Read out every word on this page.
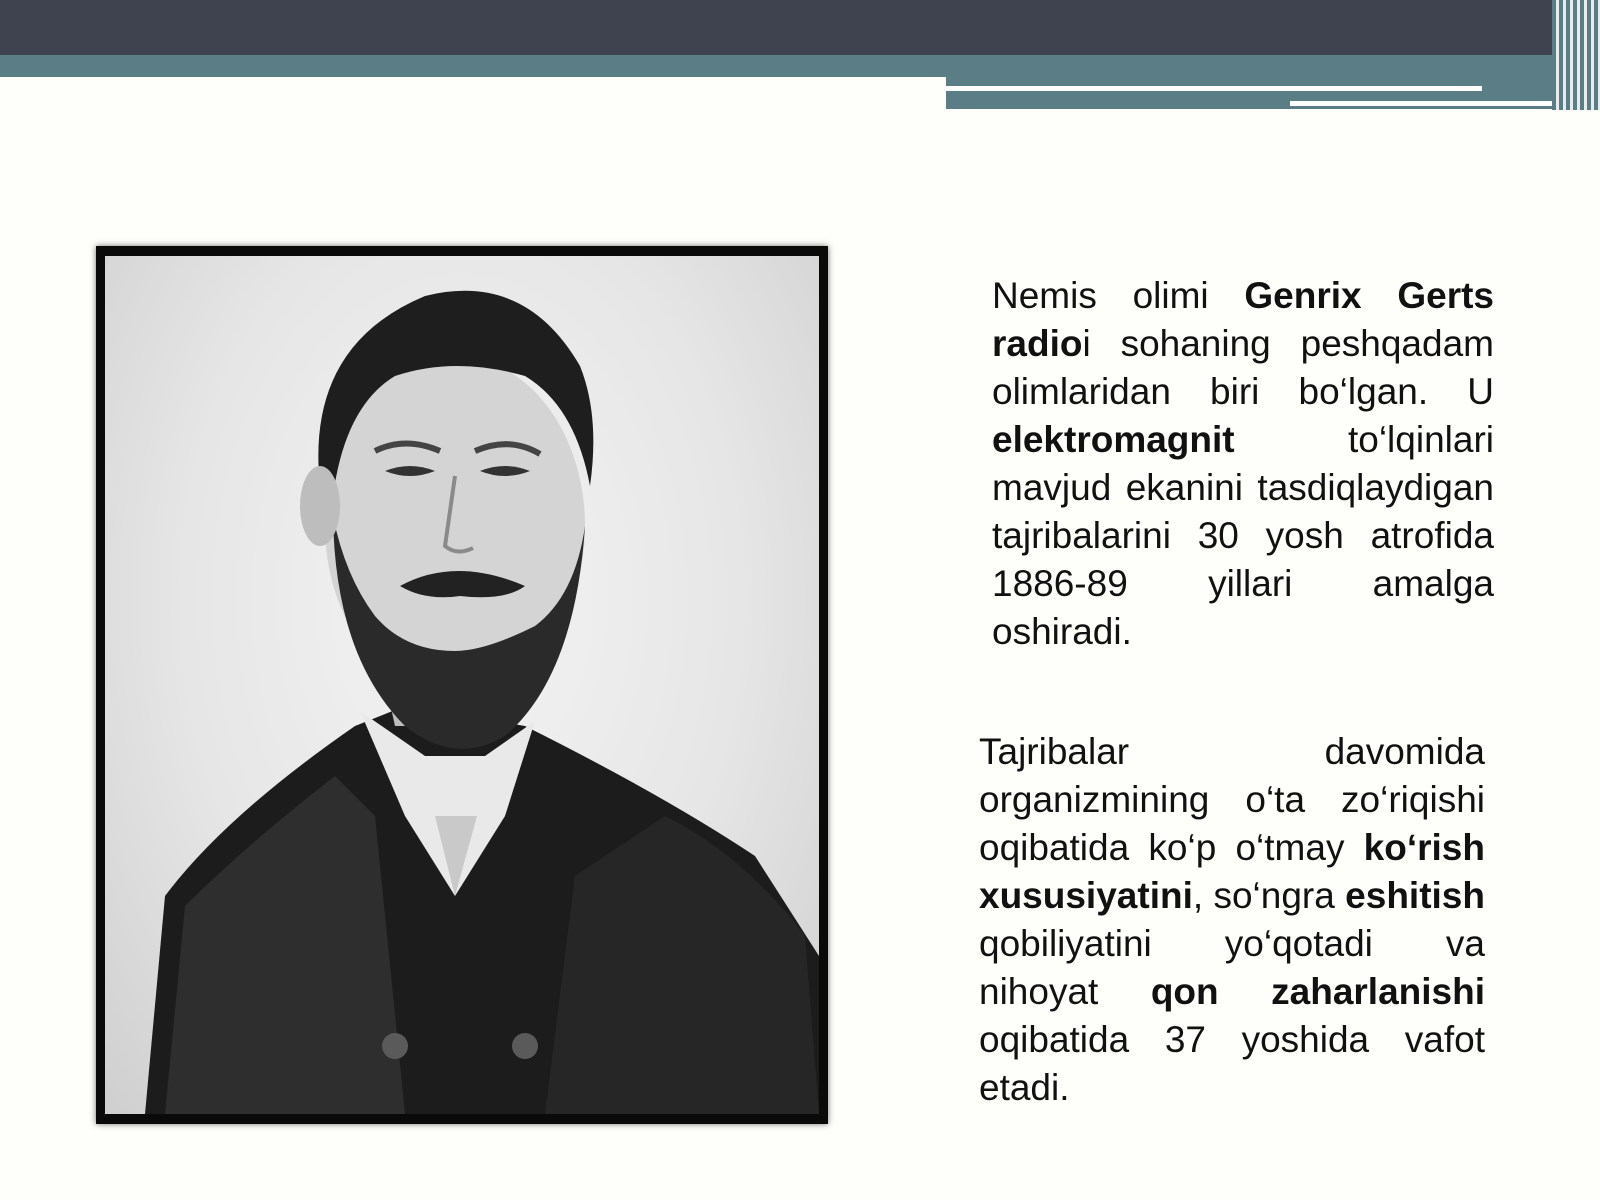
Nemis olimi Genrix Gerts radioi sohaning peshqadam olimlaridan biri bo‘lgan. U elektromagnit to‘lqinlari mavjud ekanini tasdiqlaydigan tajribalarini 30 yosh atrofida 1886-89 yillari amalga oshiradi.
Tajribalar davomida organizmining o‘ta zo‘riqishi oqibatida ko‘p o‘tmay ko‘rish xususiyatini, so‘ngra eshitish qobiliyatini yo‘qotadi va nihoyat qon zaharlanishi oqibatida 37 yoshida vafot etadi.
